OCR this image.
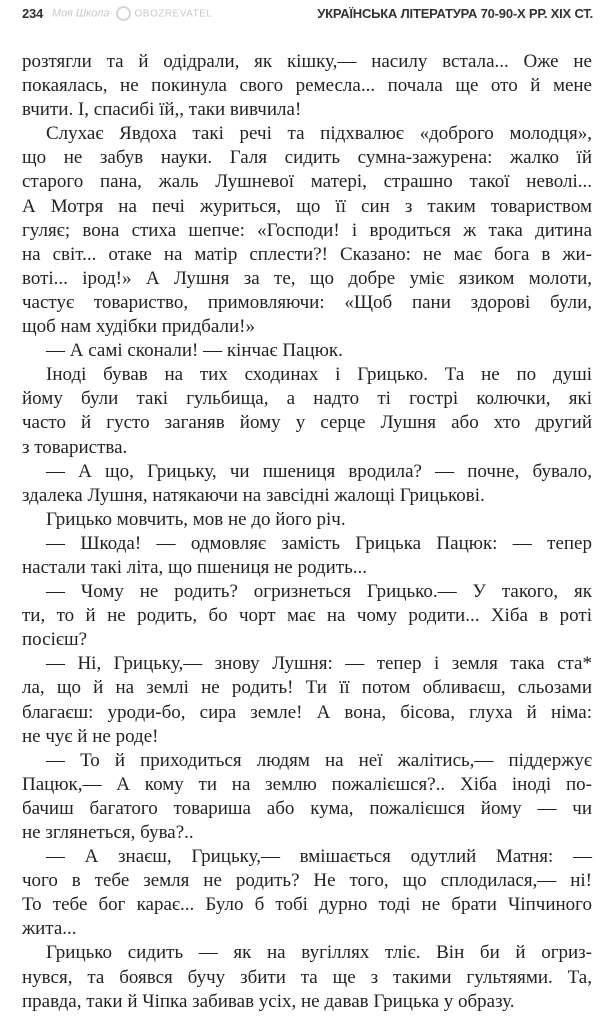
234 Моя Школа	OBOZREVATEL	УКРАЇНСЬКА ЛІТЕРАТУРА 70-90-Х РР. XIX СТ.
розтягли та й одідрали, як кішку,— насилу встала... Оже не
покаялась, не покинула свого ремесла... почала ще ото й мене
вчити. І, спасибі їй,, таки вивчила!
Слухає Явдоха такі речі та підхвалює «доброго молодця»,
що не забув науки. Галя сидить сумна-зажурена: жалко їй
старого пана, жаль Лушневої матері, страшно такої неволі...
А Мотря на печі журиться, що її син з таким товариством
гуляє; вона стиха шепче: «Господи! і вродиться ж така дитина
на світ... отаке на матір сплести?! Сказано: не має бога в жи-
воті... ірод!» А Лушня за те, що добре уміє язиком молоти,
частує товариство, примовляючи: «Щоб пани здорові були,
щоб нам худібки придбали!»
— А самі сконали! — кінчає Пацюк.
Іноді бував на тих сходинах і Грицько. Та не по душі
йому були такі гульбища, а надто ті гострі колючки, які
часто й густо заганяв йому у серце Лушня або хто другий
з товариства.
— А що, Грицьку, чи пшениця вродила? — почне, бувало,
здалека Лушня, натякаючи на завсідні жалощі Грицькові.
Грицько мовчить, мов не до його річ.
— Шкода! — одмовляє замість Грицька Пацюк: — тепер
настали такі літа, що пшениця не родить...
— Чому не родить? огризнеться Грицько.— У такого, як
ти, то й не родить, бо чорт має на чому родити... Хіба в роті
посієш?
— Ні, Грицьку,— знову Лушня: — тепер і земля така ста*
ла, що й на землі не родить! Ти її потом обливаєш, сльозами
благаєш: уроди-бо, сира земле! А вона, бісова, глуха й німа:
не чує й не роде!
— То й приходиться людям на неї жалітись,— піддержує
Пацюк,— А кому ти на землю пожалієшся?.. Хіба іноді по-
бачиш багатого товариша або кума, пожалієшся йому — чи
не зглянеться, бува?..
— А знаєш, Грицьку,— вмішається одутлий Матня: —
чого в тебе земля не родить? Не того, що сплодилася,— ні!
То тебе бог карає... Було б тобі дурно тоді не брати Чіпчиного
жита...
Грицько сидить — як на вугіллях тліє. Він би й огриз-
нувся, та боявся бучу збити та ще з такими гультяями. Та,
правда, таки й Чіпка забивав усіх, не давав Грицька у образу.
